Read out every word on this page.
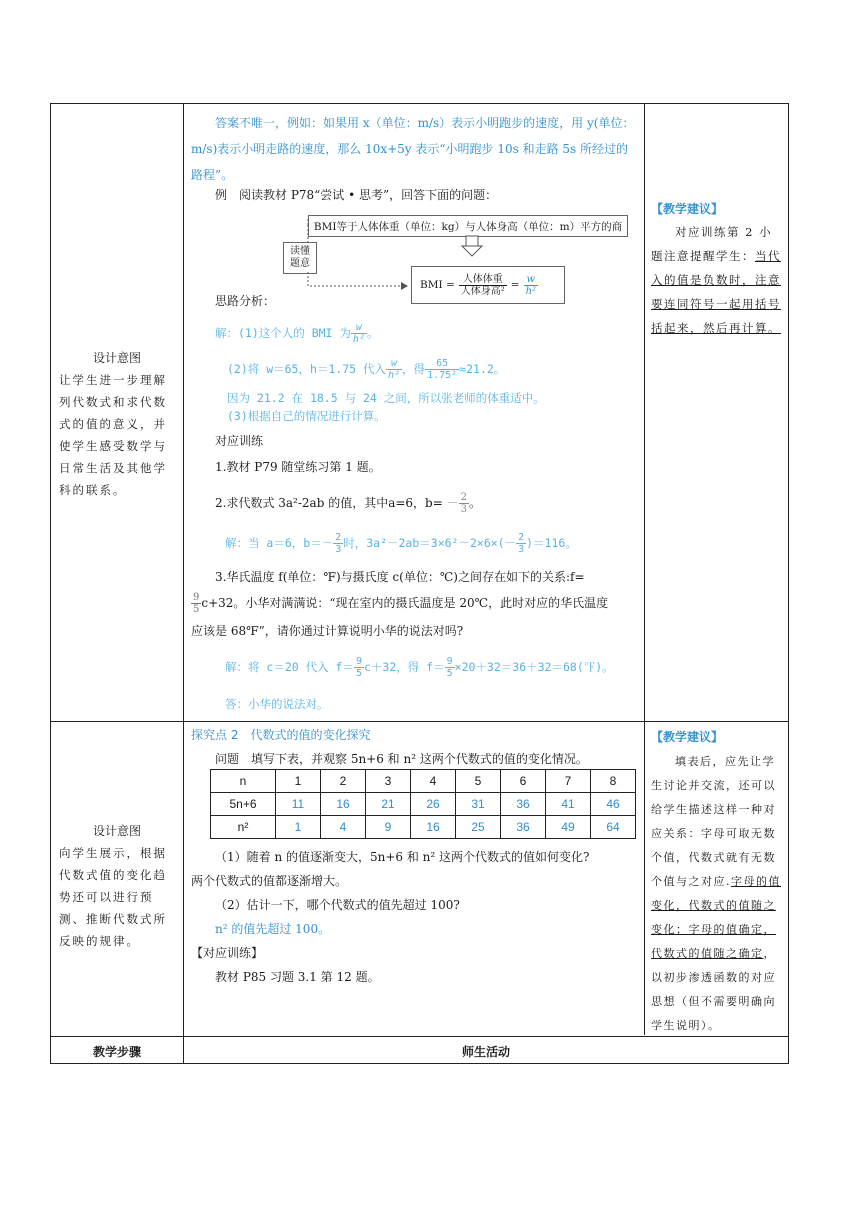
设计意图
让学生进一步理解列代数式和求代数式的值的意义，并使学生感受数学与日常生活及其他学科的联系。
答案不唯一，例如：如果用 x（单位：m/s）表示小明跑步的速度，用 y(单位：m/s)表示小明走路的速度，那么 10x+5y 表示“小明跑步 10s 和走路 5s 所经过的路程”。
例　阅读教材 P78“尝试 • 思考”，回答下面的问题：
BMI等于人体体重（单位：kg）与人体身高（单位：m）平方的商
读懂题意
BMI = $\frac{\text{人体体重}}{\text{人体身高²}} = \frac{w}{\text{h²}}$
思路分析：
解：(1)这个人的 BMI 为 $\frac{w}{\text{h²}}$ 。
(2)将 w＝65，h＝1.75 代入 $\frac{w}{\text{h²}}$ ，得 $\frac{65}{\text{1.75²}} \approx 21.2$。
因为 21.2 在 18.5 与 24 之间，所以张老师的体重适中。
(3)根据自己的情况进行计算。
对应训练
1.教材 P79 随堂练习第 1 题。
2.求代数式 3a²-2ab 的值，其中a=6，$b= - \frac{2}{3}$ 。
解：当 a＝6，$b=- \frac{2}{3}$ 时，$3a^2-2ab=3\times 6^2-2\times 6\times(- \frac{2}{3} )=116$。
3.华氏温度 f(单位：℉)与摄氏度 c(单位：℃)之间存在如下的关系:f=
$\frac{9}{5} c+32$。小华对满满说：“现在室内的摄氏温度是 20℃，此时对应的华氏温度
应该是 68℉”，请你通过计算说明小华的说法对吗?
解：将 c＝20 代入 $f= \frac{9}{5} c+32$，得 $f= \frac{9}{5}$ ×20＋32＝36＋32＝68(℉)。
答：小华的说法对。
【教学建议】
对应训练第 2 小题注意提醒学生：当代入的值是负数时，注意要连同符号一起用括号括起来，然后再计算。
探究点 2　代数式的值的变化探究
问题　填写下表，并观察 5n+6 和 n² 这两个代数式的值的变化情况。
n	1	2	3	4	5	6	7	8
5n+6	11	16	21	26	31	36	41	46
n²	1	4	9	16	25	36	49	64
（1）随着 n 的值逐渐变大，5n+6 和 n² 这两个代数式的值如何变化?
两个代数式的值都逐渐增大。
（2）估计一下，哪个代数式的值先超过 100?
n² 的值先超过 100。
【对应训练】
教材 P85 习题 3.1 第 12 题。
设计意图
向学生展示，根据代数式值的变化趋势还可以进行预测、推断代数式所反映的规律。
【教学建议】
填表后，应先让学生讨论并交流，还可以给学生描述这样一种对应关系：字母可取无数个值，代数式就有无数个值与之对应.字母的值变化，代数式的值随之变化；字母的值确定，代数式的值随之确定，以初步渗透函数的对应思想（但不需要明确向学生说明）。
教学步骤	师生活动
